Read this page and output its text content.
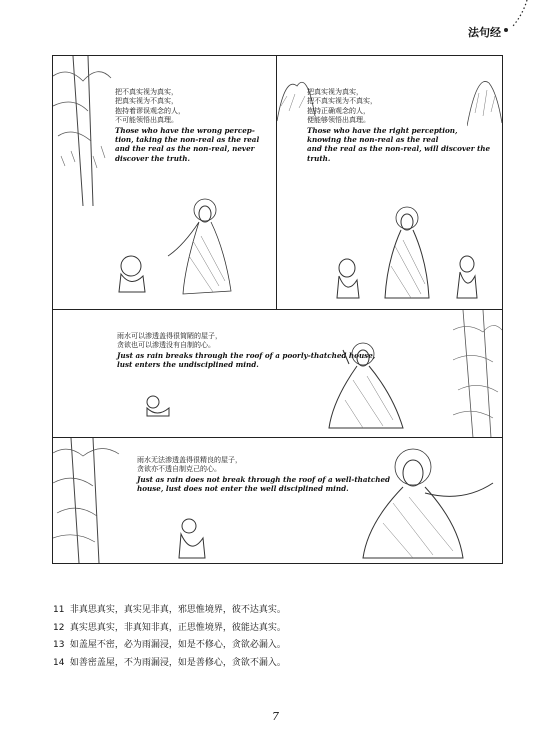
法句经
把不真实视为真实，
把真实视为不真实，
抱持着谬误观念的人，
不可能领悟出真理。
Those who have the wrong percep-
tion, taking the non-real as the real
and the real as the non-real, never
discover the truth.
把真实视为真实，
把不真实视为不真实，
抱持正确观念的人，
便能够领悟出真理。
Those who have the right perception,
knowing the non-real as the real
and the real as the non-real, will discover the
truth.
雨水可以渗透盖得很简陋的屋子，
贪欲也可以渗透没有自制的心。
Just as rain breaks through the roof of a poorly-thatched house,
lust enters the undisciplined mind.
雨水无法渗透盖得很精良的屋子，
贪欲亦不透自制克己的心。
Just as rain does not break through the roof of a well-thatched
house, lust does not enter the well disciplined mind.
11 非真思真实，真实见非真，邪思惟境界，彼不达真实。
12 真实思真实，非真知非真，正思惟境界，彼能达真实。
13 如盖屋不密，必为雨漏浸，如是不修心，贪欲必漏入。
14 如善密盖屋，不为雨漏浸，如是善修心，贪欲不漏入。
7
